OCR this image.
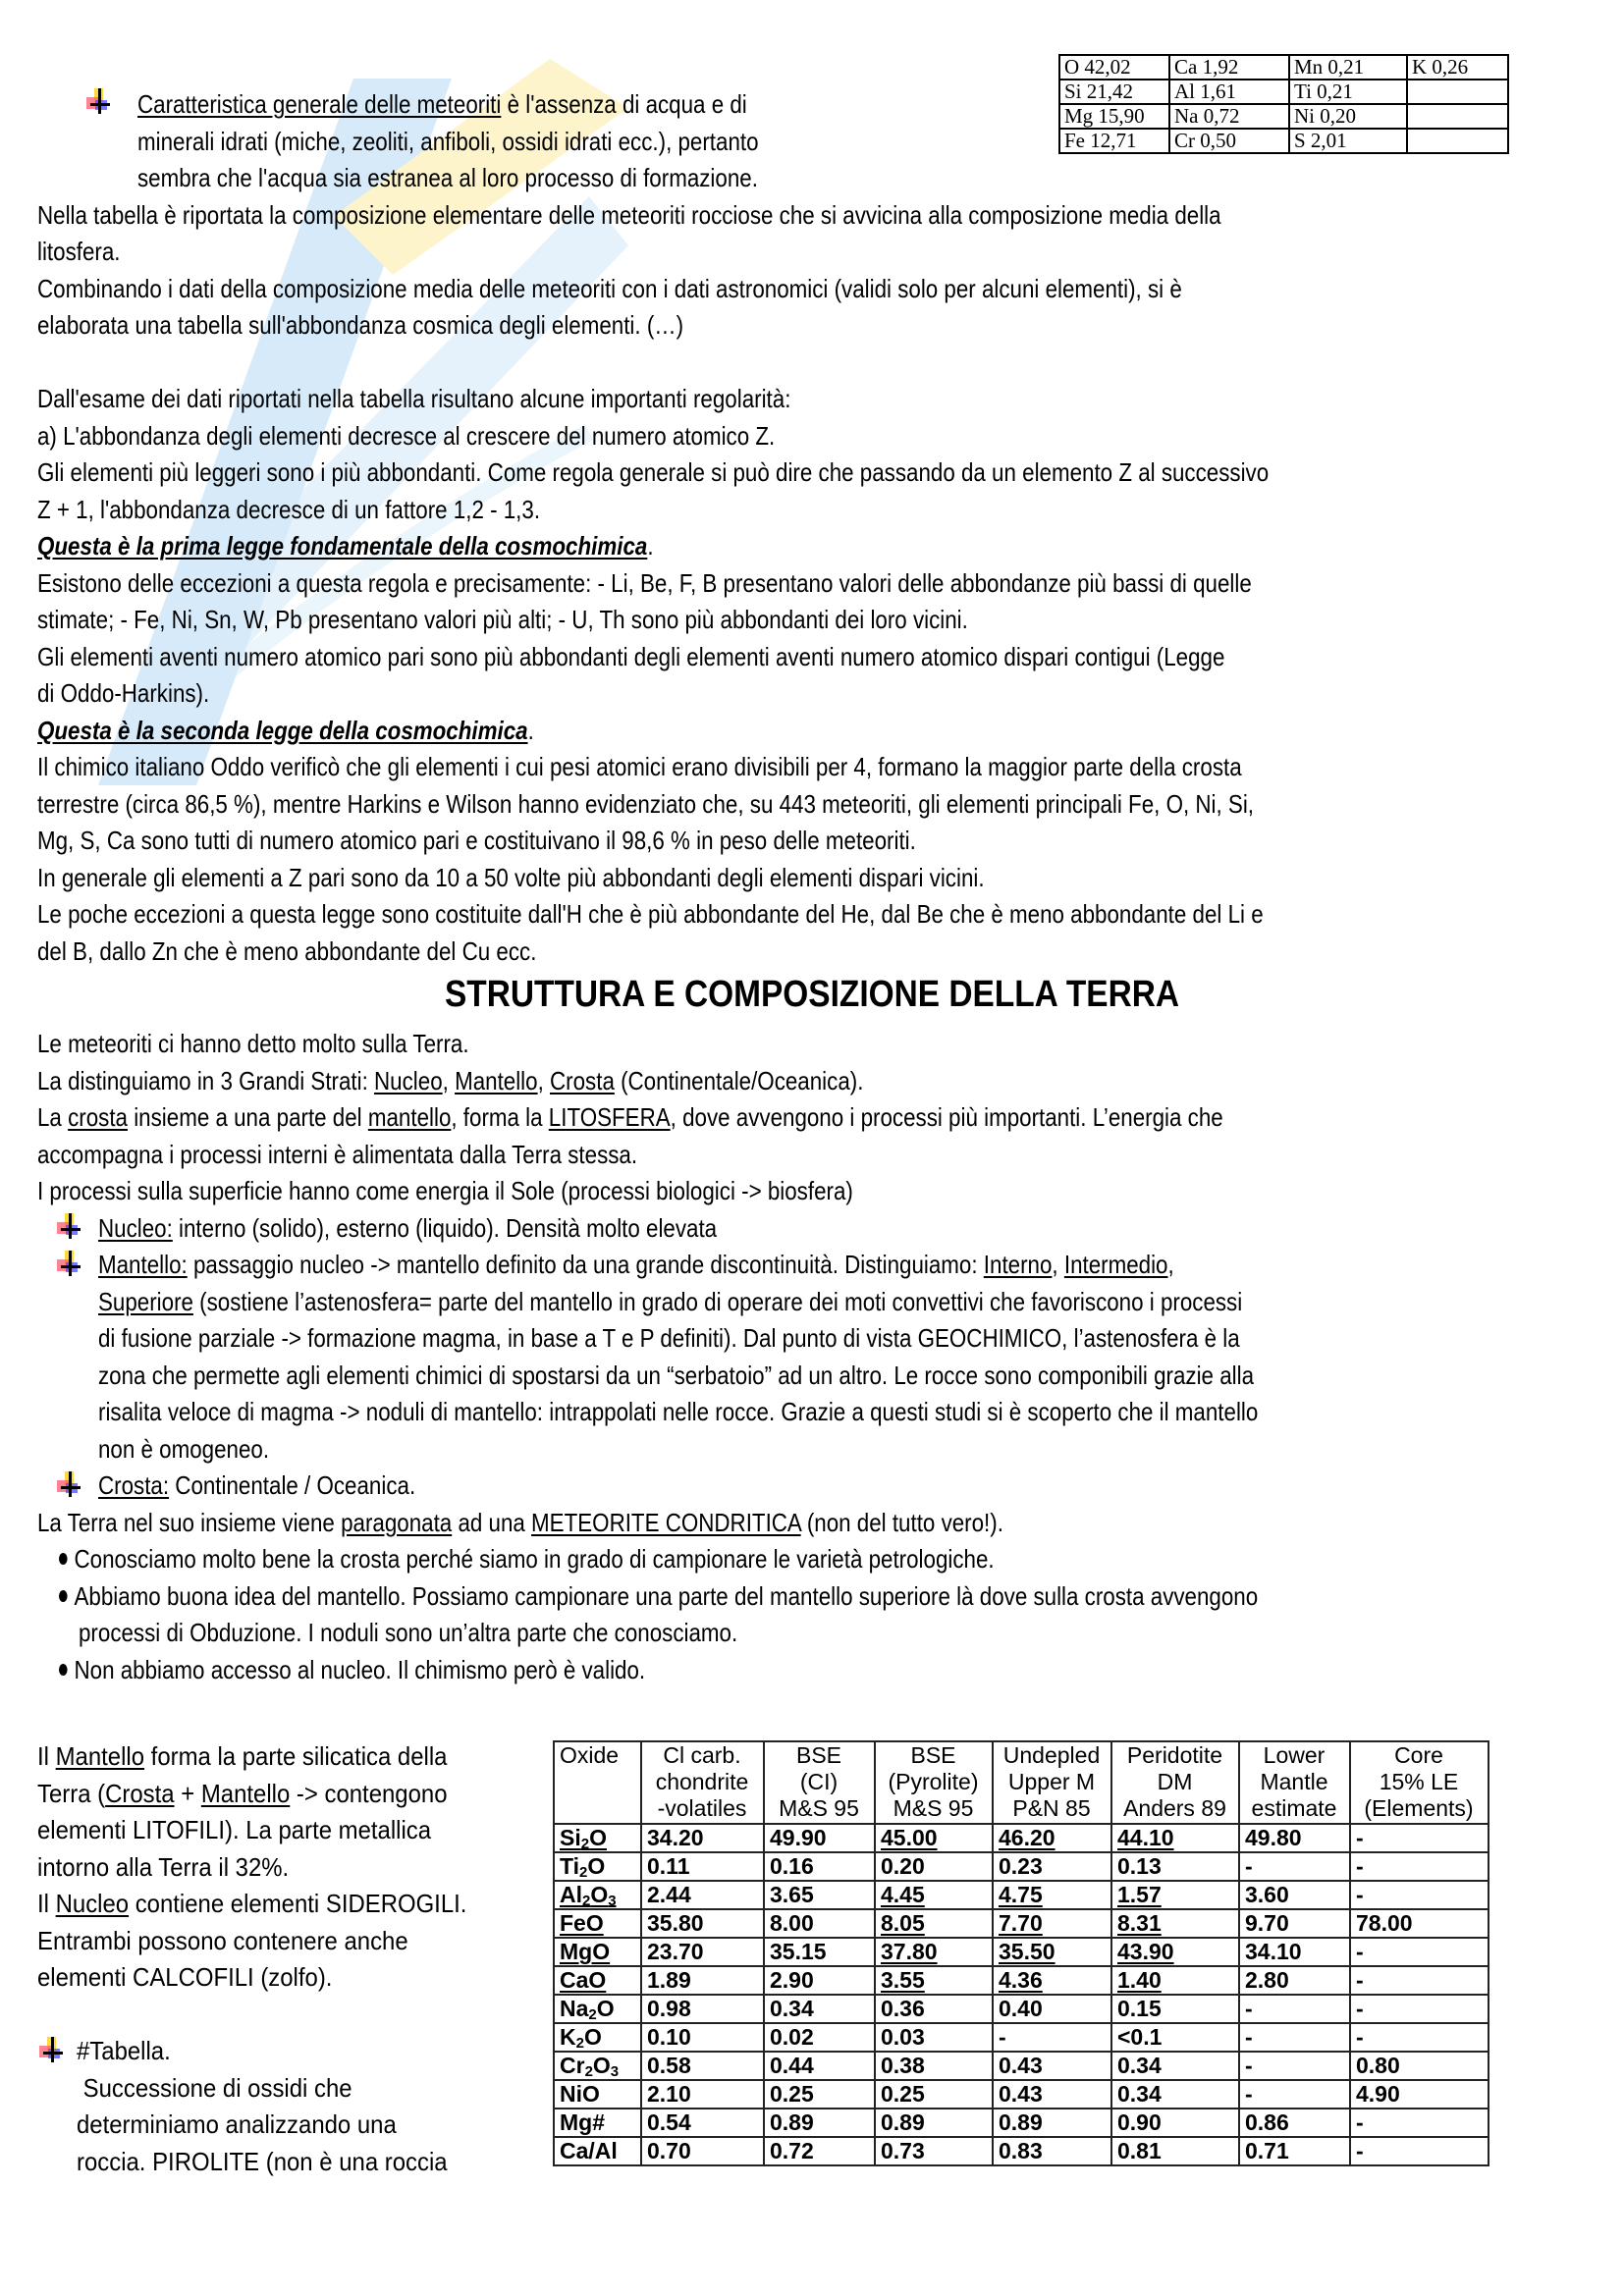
O 42,02	Ca 1,92	Mn 0,21	K 0,26
Si 21,42	Al 1,61	Ti 0,21	
Mg 15,90	Na 0,72	Ni 0,20	
Fe 12,71	Cr 0,50	S 2,01	
Caratteristica generale delle meteoriti è l'assenza di acqua e di
minerali idrati (miche, zeoliti, anfiboli, ossidi idrati ecc.), pertanto
sembra che l'acqua sia estranea al loro processo di formazione.
Nella tabella è riportata la composizione elementare delle meteoriti rocciose che si avvicina alla composizione media della
litosfera.
Combinando i dati della composizione media delle meteoriti con i dati astronomici (validi solo per alcuni elementi), si è
elaborata una tabella sull'abbondanza cosmica degli elementi. (…)
Dall'esame dei dati riportati nella tabella risultano alcune importanti regolarità:
a) L'abbondanza degli elementi decresce al crescere del numero atomico Z.
Gli elementi più leggeri sono i più abbondanti. Come regola generale si può dire che passando da un elemento Z al successivo
Z + 1, l'abbondanza decresce di un fattore 1,2 - 1,3.
Questa è la prima legge fondamentale della cosmochimica.
Esistono delle eccezioni a questa regola e precisamente: - Li, Be, F, B presentano valori delle abbondanze più bassi di quelle
stimate; - Fe, Ni, Sn, W, Pb presentano valori più alti; - U, Th sono più abbondanti dei loro vicini.
Gli elementi aventi numero atomico pari sono più abbondanti degli elementi aventi numero atomico dispari contigui (Legge
di Oddo-Harkins).
Questa è la seconda legge della cosmochimica.
Il chimico italiano Oddo verificò che gli elementi i cui pesi atomici erano divisibili per 4, formano la maggior parte della crosta
terrestre (circa 86,5 %), mentre Harkins e Wilson hanno evidenziato che, su 443 meteoriti, gli elementi principali Fe, O, Ni, Si,
Mg, S, Ca sono tutti di numero atomico pari e costituivano il 98,6 % in peso delle meteoriti.
In generale gli elementi a Z pari sono da 10 a 50 volte più abbondanti degli elementi dispari vicini.
Le poche eccezioni a questa legge sono costituite dall'H che è più abbondante del He, dal Be che è meno abbondante del Li e
del B, dallo Zn che è meno abbondante del Cu ecc.
STRUTTURA E COMPOSIZIONE DELLA TERRA
Le meteoriti ci hanno detto molto sulla Terra.
La distinguiamo in 3 Grandi Strati: Nucleo, Mantello, Crosta (Continentale/Oceanica).
La crosta insieme a una parte del mantello, forma la LITOSFERA, dove avvengono i processi più importanti. L’energia che
accompagna i processi interni è alimentata dalla Terra stessa.
I processi sulla superficie hanno come energia il Sole (processi biologici -> biosfera)
Nucleo: interno (solido), esterno (liquido). Densità molto elevata
Mantello: passaggio nucleo -> mantello definito da una grande discontinuità. Distinguiamo: Interno, Intermedio,
Superiore (sostiene l’astenosfera= parte del mantello in grado di operare dei moti convettivi che favoriscono i processi
di fusione parziale -> formazione magma, in base a T e P definiti). Dal punto di vista GEOCHIMICO, l’astenosfera è la
zona che permette agli elementi chimici di spostarsi da un “serbatoio” ad un altro. Le rocce sono componibili grazie alla
risalita veloce di magma -> noduli di mantello: intrappolati nelle rocce. Grazie a questi studi si è scoperto che il mantello
non è omogeneo.
Crosta: Continentale / Oceanica.
La Terra nel suo insieme viene paragonata ad una METEORITE CONDRITICA (non del tutto vero!).
Conosciamo molto bene la crosta perché siamo in grado di campionare le varietà petrologiche.
Abbiamo buona idea del mantello. Possiamo campionare una parte del mantello superiore là dove sulla crosta avvengono
processi di Obduzione. I noduli sono un’altra parte che conosciamo.
Non abbiamo accesso al nucleo. Il chimismo però è valido.
Il Mantello forma la parte silicatica della
Terra (Crosta + Mantello -> contengono
elementi LITOFILI). La parte metallica
intorno alla Terra il 32%.
Il Nucleo contiene elementi SIDEROGILI.
Entrambi possono contenere anche
elementi CALCOFILI (zolfo).
#Tabella.
Successione di ossidi che
determiniamo analizzando una
roccia. PIROLITE (non è una roccia
Oxide	Cl carb.
chondrite
-volatiles	BSE
(CI)
M&S 95	BSE
(Pyrolite)
M&S 95	Undepled
Upper M
P&N 85	Peridotite
DM
Anders 89	Lower
Mantle
estimate	Core
15% LE
(Elements)
$Si_2O$	34.20	49.90	45.00	46.20	44.10	49.80	-
$Ti_2O$	0.11	0.16	0.20	0.23	0.13	-	-
$Al_2O_3$	2.44	3.65	4.45	4.75	1.57	3.60	-
FeO	35.80	8.00	8.05	7.70	8.31	9.70	78.00
MgO	23.70	35.15	37.80	35.50	43.90	34.10	-
CaO	1.89	2.90	3.55	4.36	1.40	2.80	-
$Na_2O$	0.98	0.34	0.36	0.40	0.15	-	-
$K_2O$	0.10	0.02	0.03	-	<0.1	-	-
$Cr_2O_3$	0.58	0.44	0.38	0.43	0.34	-	0.80
NiO	2.10	0.25	0.25	0.43	0.34	-	4.90
Mg#	0.54	0.89	0.89	0.89	0.90	0.86	-
Ca/Al	0.70	0.72	0.73	0.83	0.81	0.71	-
